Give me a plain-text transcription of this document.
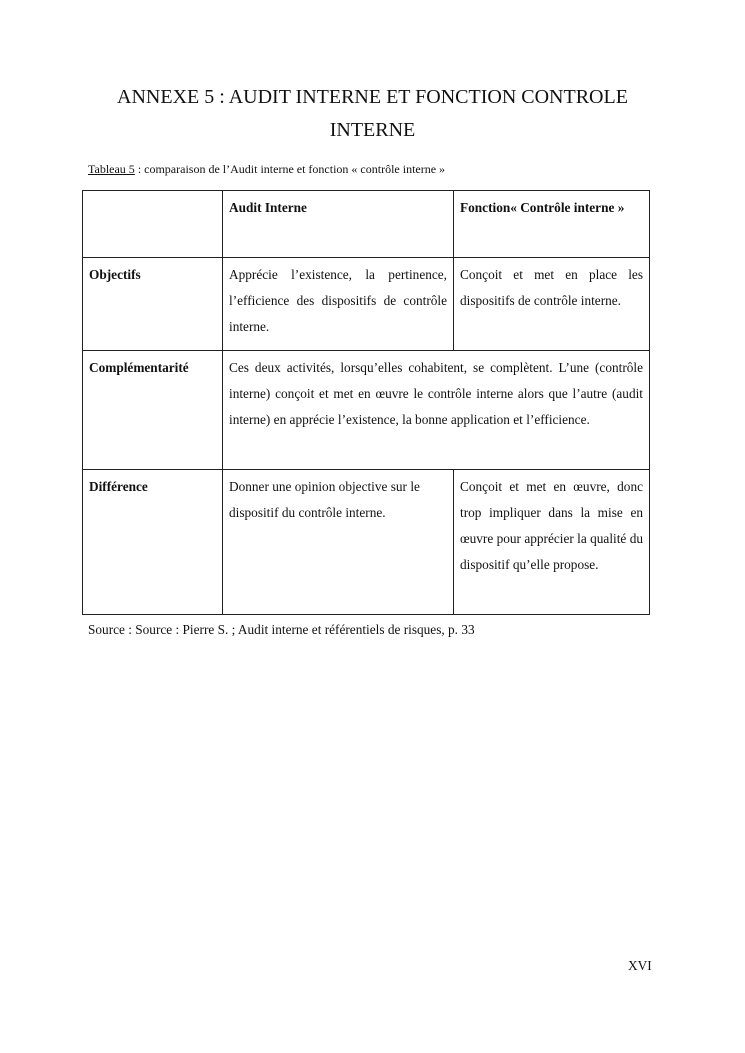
ANNEXE 5 : AUDIT INTERNE ET FONCTION CONTROLE
INTERNE
Tableau 5 : comparaison de l’Audit interne et fonction « contrôle interne »
	Audit Interne	Fonction« Contrôle interne »
Objectifs	Apprécie l’existence, la pertinence, l’efficience des dispositifs de contrôle interne.	Conçoit et met en place les dispositifs de contrôle interne.
Complémentarité	Ces deux activités, lorsqu’elles cohabitent, se complètent. L’une (contrôle interne) conçoit et met en œuvre le contrôle interne alors que l’autre (audit interne) en apprécie l’existence, la bonne application et l’efficience.	
Différence	Donner une opinion objective sur le dispositif du contrôle interne.	Conçoit et met en œuvre, donc trop impliquer dans la mise en œuvre pour apprécier la qualité du dispositif qu’elle propose.
Source : Source : Pierre S. ; Audit interne et référentiels de risques, p. 33
XVI
